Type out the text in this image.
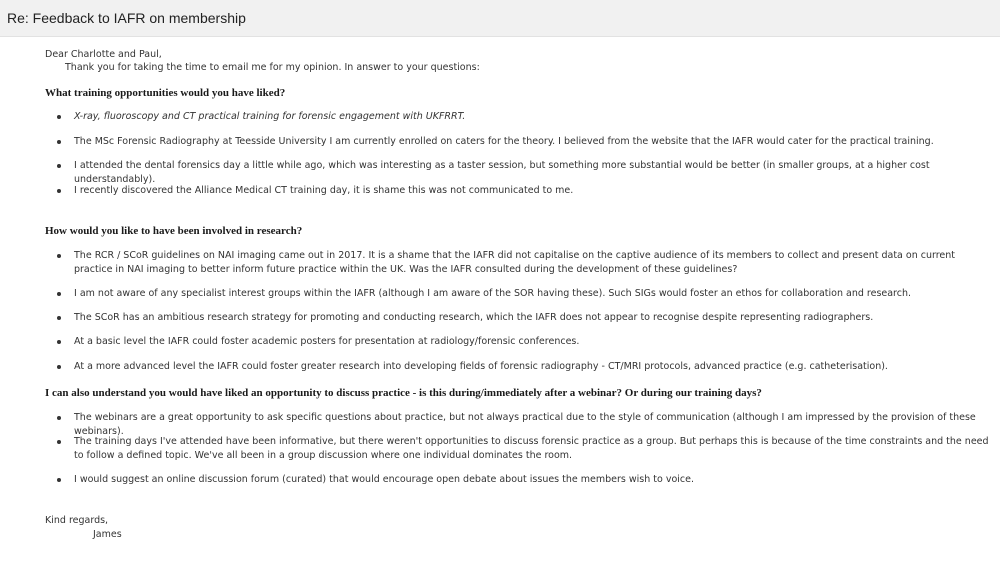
Re: Feedback to IAFR on membership
Dear Charlotte and Paul,
Thank you for taking the time to email me for my opinion. In answer to your questions:
What training opportunities would you have liked?
X-ray, fluoroscopy and CT practical training for forensic engagement with UKFRRT.
The MSc Forensic Radiography at Teesside University I am currently enrolled on caters for the theory. I believed from the website that the IAFR would cater for the practical training.
I attended the dental forensics day a little while ago, which was interesting as a taster session, but something more substantial would be better (in smaller groups, at a higher cost understandably).
I recently discovered the Alliance Medical CT training day, it is shame this was not communicated to me.
How would you like to have been involved in research?
The RCR / SCoR guidelines on NAI imaging came out in 2017. It is a shame that the IAFR did not capitalise on the captive audience of its members to collect and present data on current practice in NAI imaging to better inform future practice within the UK. Was the IAFR consulted during the development of these guidelines?
I am not aware of any specialist interest groups within the IAFR (although I am aware of the SOR having these). Such SIGs would foster an ethos for collaboration and research.
The SCoR has an ambitious research strategy for promoting and conducting research, which the IAFR does not appear to recognise despite representing radiographers.
At a basic level the IAFR could foster academic posters for presentation at radiology/forensic conferences.
At a more advanced level the IAFR could foster greater research into developing fields of forensic radiography - CT/MRI protocols, advanced practice (e.g. catheterisation).
I can also understand you would have liked an opportunity to discuss practice - is this during/immediately after a webinar? Or during our training days?
The webinars are a great opportunity to ask specific questions about practice, but not always practical due to the style of communication (although I am impressed by the provision of these webinars).
The training days I've attended have been informative, but there weren't opportunities to discuss forensic practice as a group. But perhaps this is because of the time constraints and the need to follow a defined topic. We've all been in a group discussion where one individual dominates the room.
I would suggest an online discussion forum (curated) that would encourage open debate about issues the members wish to voice.
Kind regards,
James
